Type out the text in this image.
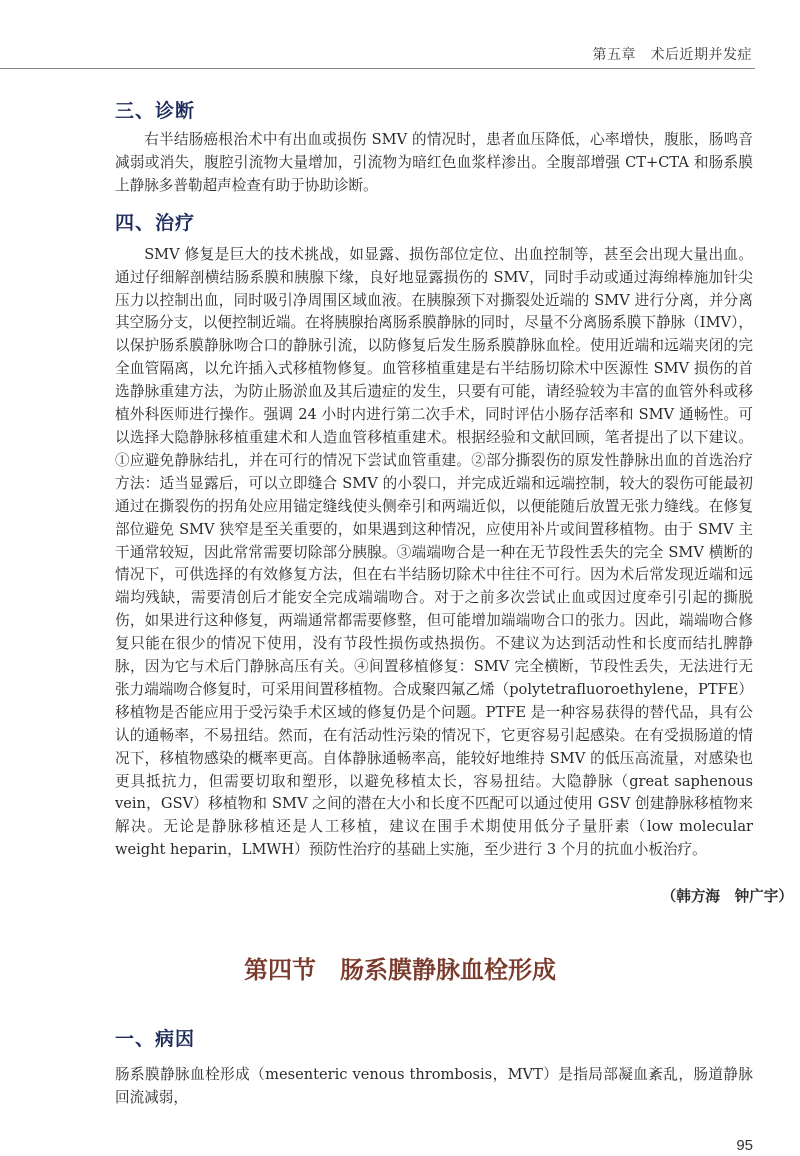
第五章　术后近期并发症
三、诊断

右半结肠癌根治术中有出血或损伤 SMV 的情况时，患者血压降低，心率增快，腹胀，肠鸣音减弱或消失，腹腔引流物大量增加，引流物为暗红色血浆样渗出。全腹部增强 CT+CTA 和肠系膜上静脉多普勒超声检查有助于协助诊断。

四、治疗

SMV 修复是巨大的技术挑战，如显露、损伤部位定位、出血控制等，甚至会出现大量出血。通过仔细解剖横结肠系膜和胰腺下缘，良好地显露损伤的 SMV，同时手动或通过海绵棒施加针尖压力以控制出血，同时吸引净周围区域血液。在胰腺颈下对撕裂处近端的 SMV 进行分离，并分离其空肠分支，以便控制近端。在将胰腺抬离肠系膜静脉的同时，尽量不分离肠系膜下静脉（IMV），以保护肠系膜静脉吻合口的静脉引流，以防修复后发生肠系膜静脉血栓。使用近端和远端夹闭的完全血管隔离，以允许插入式移植物修复。血管移植重建是右半结肠切除术中医源性 SMV 损伤的首选静脉重建方法，为防止肠淤血及其后遗症的发生，只要有可能，请经验较为丰富的血管外科或移植外科医师进行操作。强调 24 小时内进行第二次手术，同时评估小肠存活率和 SMV 通畅性。可以选择大隐静脉移植重建术和人造血管移植重建术。根据经验和文献回顾，笔者提出了以下建议。①应避免静脉结扎，并在可行的情况下尝试血管重建。②部分撕裂伤的原发性静脉出血的首选治疗方法：适当显露后，可以立即缝合 SMV 的小裂口，并完成近端和远端控制，较大的裂伤可能最初通过在撕裂伤的拐角处应用锚定缝线使头侧牵引和两端近似，以便能随后放置无张力缝线。在修复部位避免 SMV 狭窄是至关重要的，如果遇到这种情况，应使用补片或间置移植物。由于 SMV 主干通常较短，因此常常需要切除部分胰腺。③端端吻合是一种在无节段性丢失的完全 SMV 横断的情况下，可供选择的有效修复方法，但在右半结肠切除术中往往不可行。因为术后常发现近端和远端均残缺，需要清创后才能安全完成端端吻合。对于之前多次尝试止血或因过度牵引引起的撕脱伤，如果进行这种修复，两端通常都需要修整，但可能增加端端吻合口的张力。因此，端端吻合修复只能在很少的情况下使用，没有节段性损伤或热损伤。不建议为达到活动性和长度而结扎脾静脉，因为它与术后门静脉高压有关。④间置移植修复：SMV 完全横断，节段性丢失，无法进行无张力端端吻合修复时，可采用间置移植物。合成聚四氟乙烯（polytetrafluoroethylene，PTFE）移植物是否能应用于受污染手术区域的修复仍是个问题。PTFE 是一种容易获得的替代品，具有公认的通畅率，不易扭结。然而，在有活动性污染的情况下，它更容易引起感染。在有受损肠道的情况下，移植物感染的概率更高。自体静脉通畅率高，能较好地维持 SMV 的低压高流量，对感染也更具抵抗力，但需要切取和塑形，以避免移植太长，容易扭结。大隐静脉（great saphenous vein，GSV）移植物和 SMV 之间的潜在大小和长度不匹配可以通过使用 GSV 创建静脉移植物来解决。无论是静脉移植还是人工移植，建议在围手术期使用低分子量肝素（low molecular weight heparin，LMWH）预防性治疗的基础上实施，至少进行 3 个月的抗血小板治疗。

（韩方海　钟广宇）
第四节　肠系膜静脉血栓形成
一、病因

肠系膜静脉血栓形成（mesenteric venous thrombosis，MVT）是指局部凝血紊乱，肠道静脉回流减弱，

95
